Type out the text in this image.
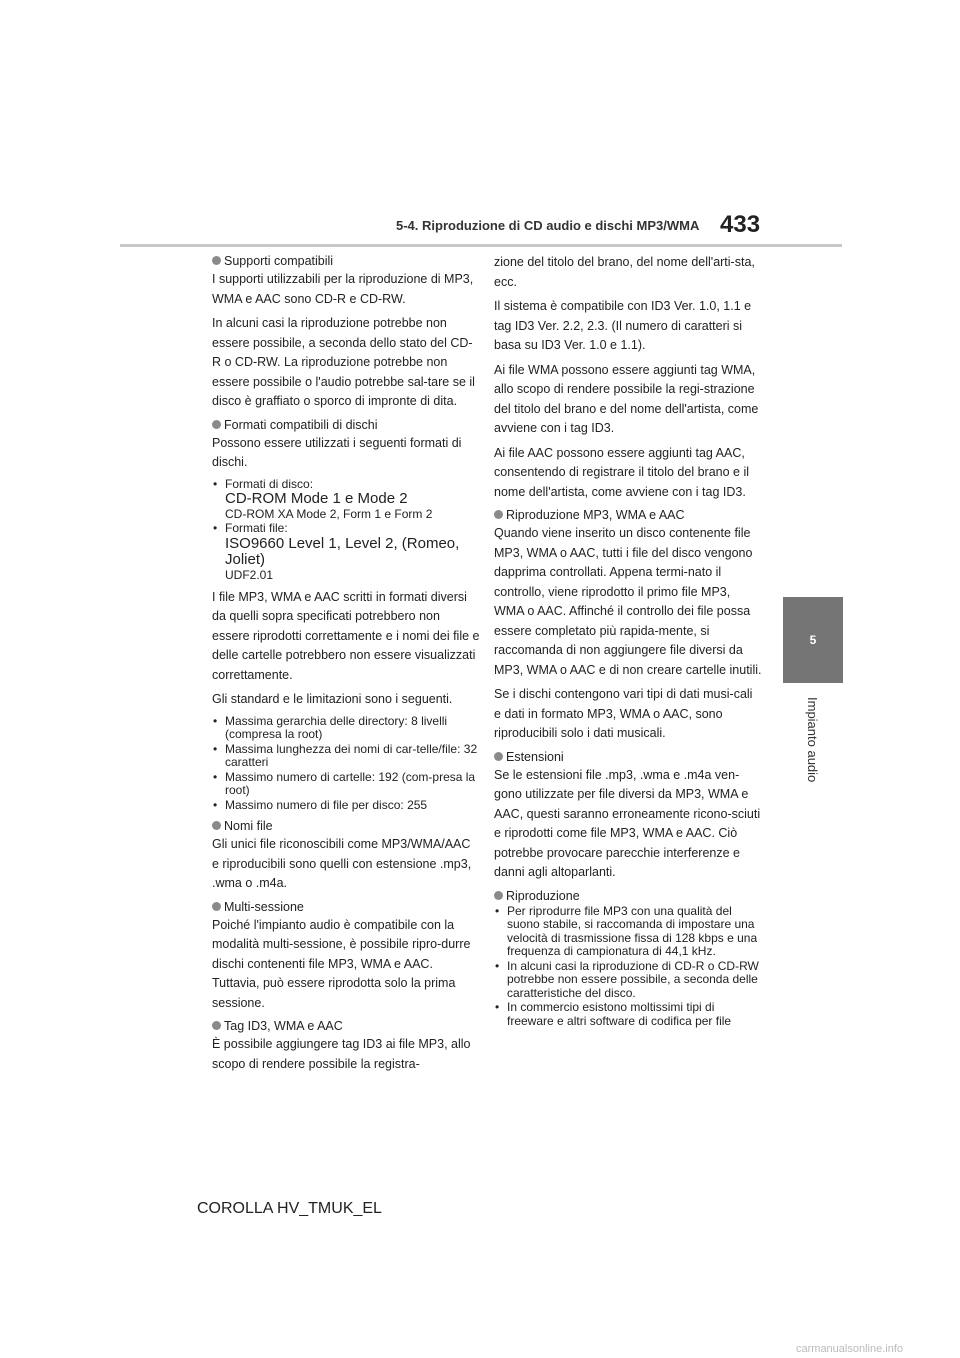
5-4. Riproduzione di CD audio e dischi MP3/WMA 433
5
Impianto audio
Supporti compatibili

I supporti utilizzabili per la riproduzione di MP3, WMA e AAC sono CD-R e CD-RW.

In alcuni casi la riproduzione potrebbe non essere possibile, a seconda dello stato del CD-R o CD-RW. La riproduzione potrebbe non essere possibile o l'audio potrebbe sal-tare se il disco è graffiato o sporco di impronte di dita.

Formati compatibili di dischi

Possono essere utilizzati i seguenti formati di dischi.

• Formati di disco:
CD-ROM Mode 1 e Mode 2
CD-ROM XA Mode 2, Form 1 e Form 2
• Formati file:
ISO9660 Level 1, Level 2, (Romeo, Joliet)
UDF2.01

I file MP3, WMA e AAC scritti in formati diversi da quelli sopra specificati potrebbero non essere riprodotti correttamente e i nomi dei file e delle cartelle potrebbero non essere visualizzati correttamente.

Gli standard e le limitazioni sono i seguenti.

• Massima gerarchia delle directory: 8 livelli (compresa la root)
• Massima lunghezza dei nomi di car-telle/file: 32 caratteri
• Massimo numero di cartelle: 192 (com-presa la root)
• Massimo numero di file per disco: 255
Nomi file

Gli unici file riconoscibili come MP3/WMA/AAC e riproducibili sono quelli con estensione .mp3, .wma o .m4a.

Multi-sessione

Poiché l'impianto audio è compatibile con la modalità multi-sessione, è possibile ripro-durre dischi contenenti file MP3, WMA e AAC. Tuttavia, può essere riprodotta solo la prima sessione.

Tag ID3, WMA e AAC

È possibile aggiungere tag ID3 ai file MP3, allo scopo di rendere possibile la registra-

zione del titolo del brano, del nome dell'arti-sta, ecc.

Il sistema è compatibile con ID3 Ver. 1.0, 1.1 e tag ID3 Ver. 2.2, 2.3. (Il numero di caratteri si basa su ID3 Ver. 1.0 e 1.1).

Ai file WMA possono essere aggiunti tag WMA, allo scopo di rendere possibile la regi-strazione del titolo del brano e del nome dell'artista, come avviene con i tag ID3.

Ai file AAC possono essere aggiunti tag AAC, consentendo di registrare il titolo del brano e il nome dell'artista, come avviene con i tag ID3.

Riproduzione MP3, WMA e AAC

Quando viene inserito un disco contenente file MP3, WMA o AAC, tutti i file del disco vengono dapprima controllati. Appena termi-nato il controllo, viene riprodotto il primo file MP3, WMA o AAC. Affinché il controllo dei file possa essere completato più rapida-mente, si raccomanda di non aggiungere file diversi da MP3, WMA o AAC e di non creare cartelle inutili.

Se i dischi contengono vari tipi di dati musi-cali e dati in formato MP3, WMA o AAC, sono riproducibili solo i dati musicali.

Estensioni

Se le estensioni file .mp3, .wma e .m4a ven-gono utilizzate per file diversi da MP3, WMA e AAC, questi saranno erroneamente ricono-sciuti e riprodotti come file MP3, WMA e AAC. Ciò potrebbe provocare parecchie interferenze e danni agli altoparlanti.

Riproduzione
• Per riprodurre file MP3 con una qualità del suono stabile, si raccomanda di impostare una velocità di trasmissione fissa di 128 kbps e una frequenza di campionatura di 44,1 kHz.
• In alcuni casi la riproduzione di CD-R o CD-RW potrebbe non essere possibile, a seconda delle caratteristiche del disco.
• In commercio esistono moltissimi tipi di freeware e altri software di codifica per file
COROLLA HV_TMUK_EL
carmanualsonline.info
